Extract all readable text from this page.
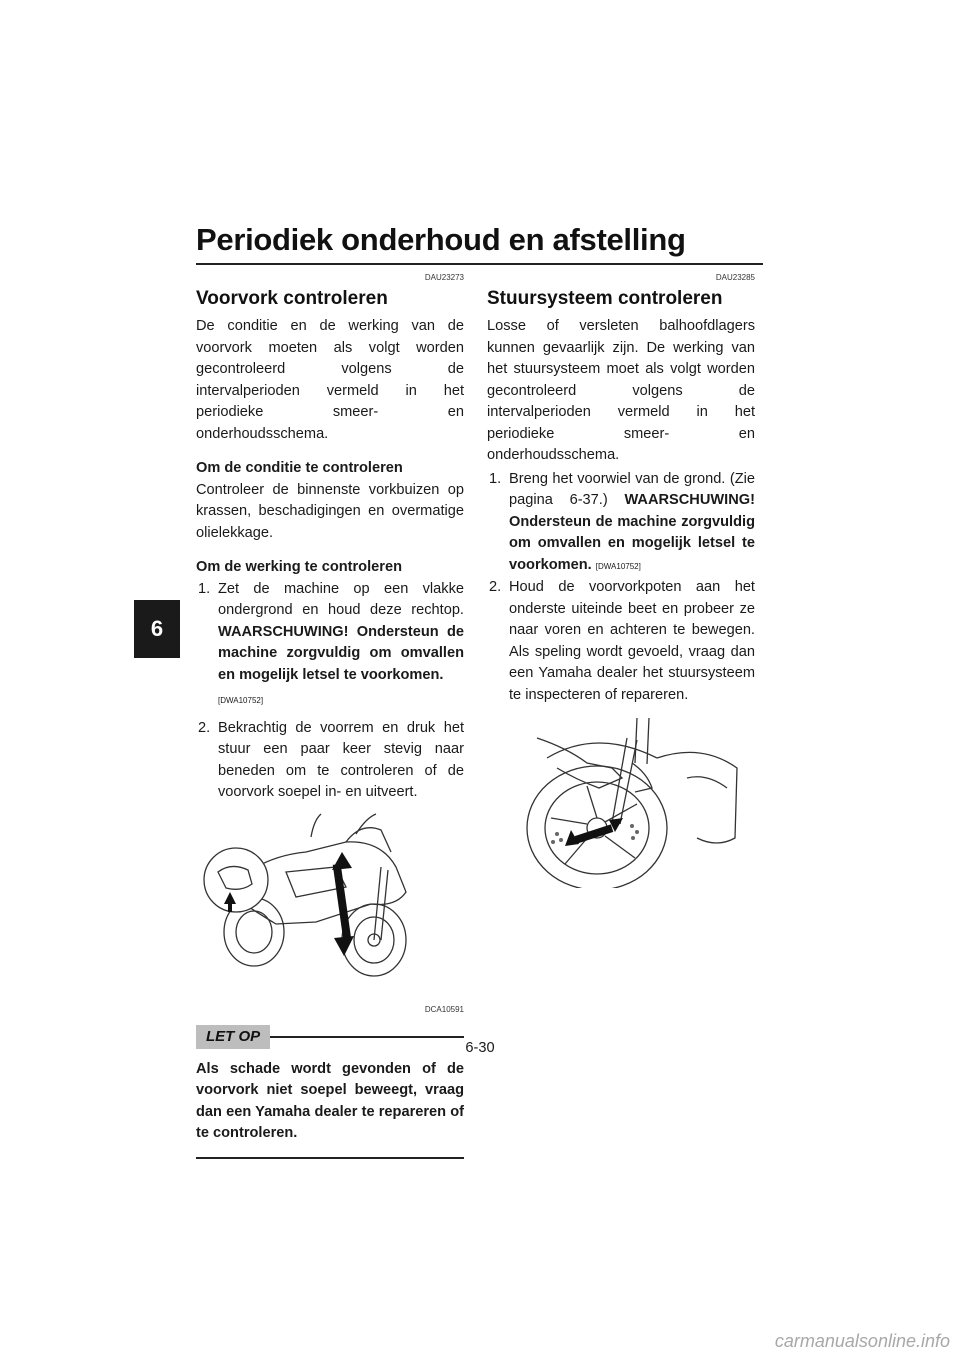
Periodiek onderhoud en afstelling
6
DAU23273
Voorvork controleren

De conditie en de werking van de voorvork moeten als volgt worden gecontroleerd volgens de intervalperioden vermeld in het periodieke smeer- en onderhoudsschema.

Om de conditie te controleren

Controleer de binnenste vorkbuizen op krassen, beschadigingen en overmatige olielekkage.

Om de werking te controleren
1. Zet de machine op een vlakke ondergrond en houd deze rechtop. WAARSCHUWING! Ondersteun de machine zorgvuldig om omvallen en mogelijk letsel te voorkomen.
[DWA10752]
2. Bekrachtig de voorrem en druk het stuur een paar keer stevig naar beneden om te controleren of de voorvork soepel in- en uitveert.
DCA10591
LET OP
Als schade wordt gevonden of de voorvork niet soepel beweegt, vraag dan een Yamaha dealer te repareren of te controleren.
DAU23285
Stuursysteem controleren

Losse of versleten balhoofdlagers kunnen gevaarlijk zijn. De werking van het stuursysteem moet als volgt worden gecontroleerd volgens de intervalperioden vermeld in het periodieke smeer- en onderhoudsschema.

1. Breng het voorwiel van de grond. (Zie pagina 6-37.) WAARSCHUWING! Ondersteun de machine zorgvuldig om omvallen en mogelijk letsel te voorkomen. [DWA10752]
2. Houd de voorvorkpoten aan het onderste uiteinde beet en probeer ze naar voren en achteren te bewegen. Als speling wordt gevoeld, vraag dan een Yamaha dealer het stuursysteem te inspecteren of repareren.
6-30
carmanualsonline.info
